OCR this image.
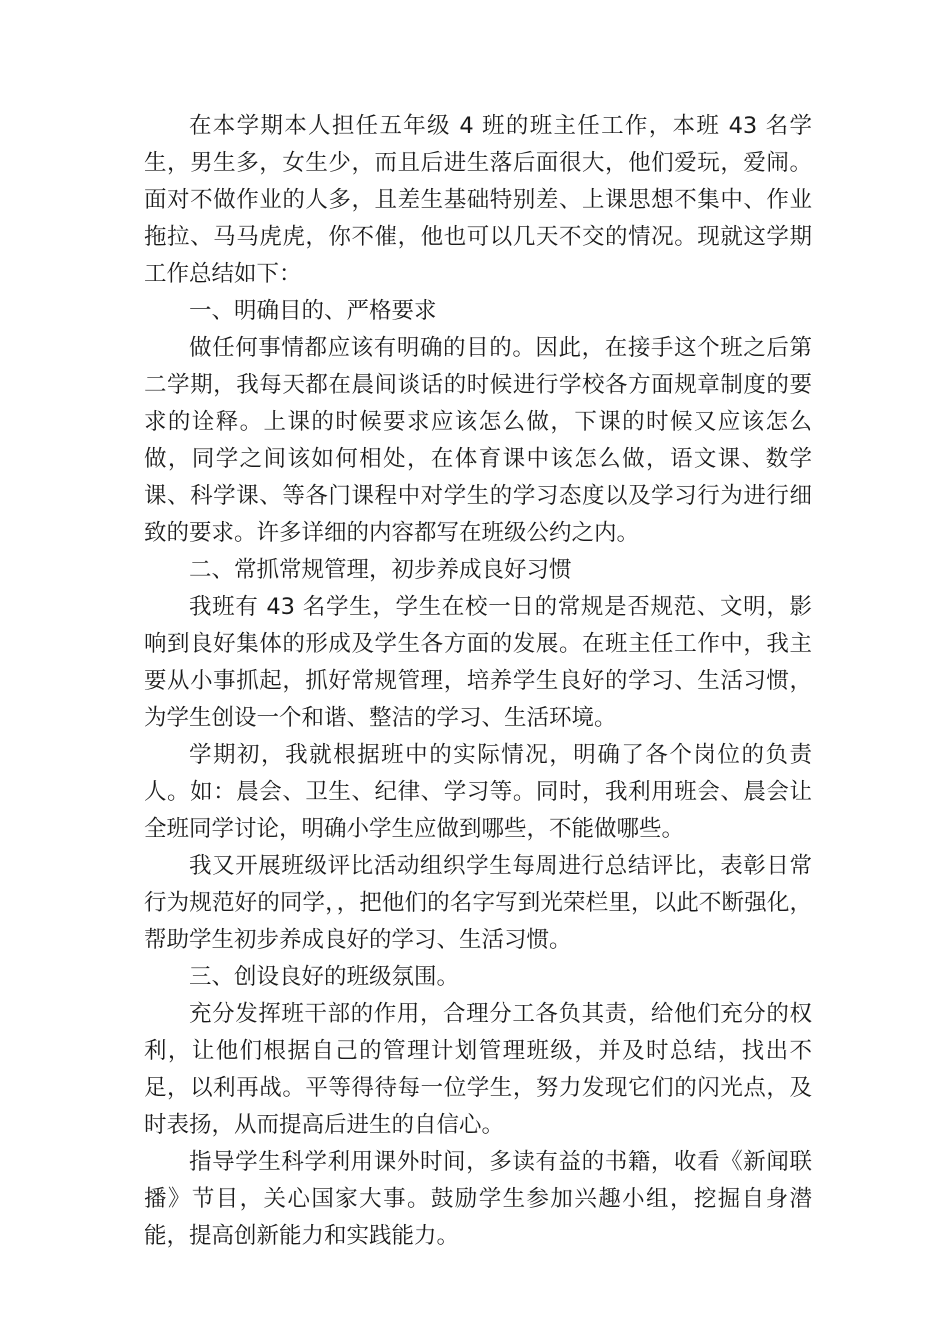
在本学期本人担任五年级 4 班的班主任工作，本班 43 名学生，男生多，女生少，而且后进生落后面很大，他们爱玩，爱闹。面对不做作业的人多，且差生基础特别差、上课思想不集中、作业拖拉、马马虎虎，你不催，他也可以几天不交的情况。现就这学期工作总结如下：

一、明确目的、严格要求

做任何事情都应该有明确的目的。因此，在接手这个班之后第二学期，我每天都在晨间谈话的时候进行学校各方面规章制度的要求的诠释。上课的时候要求应该怎么做，下课的时候又应该怎么做，同学之间该如何相处，在体育课中该怎么做，语文课、数学课、科学课、等各门课程中对学生的学习态度以及学习行为进行细致的要求。许多详细的内容都写在班级公约之内。

二、常抓常规管理，初步养成良好习惯

我班有 43 名学生，学生在校一日的常规是否规范、文明，影响到良好集体的形成及学生各方面的发展。在班主任工作中，我主要从小事抓起，抓好常规管理，培养学生良好的学习、生活习惯，为学生创设一个和谐、整洁的学习、生活环境。

学期初，我就根据班中的实际情况，明确了各个岗位的负责人。如：晨会、卫生、纪律、学习等。同时，我利用班会、晨会让全班同学讨论，明确小学生应做到哪些，不能做哪些。

我又开展班级评比活动组织学生每周进行总结评比，表彰日常行为规范好的同学，，把他们的名字写到光荣栏里，以此不断强化，帮助学生初步养成良好的学习、生活习惯。

三、创设良好的班级氛围。

充分发挥班干部的作用，合理分工各负其责，给他们充分的权利，让他们根据自己的管理计划管理班级，并及时总结，找出不足，以利再战。平等得待每一位学生，努力发现它们的闪光点，及时表扬，从而提高后进生的自信心。

指导学生科学利用课外时间，多读有益的书籍，收看《新闻联播》节目，关心国家大事。鼓励学生参加兴趣小组，挖掘自身潜能，提高创新能力和实践能力。
